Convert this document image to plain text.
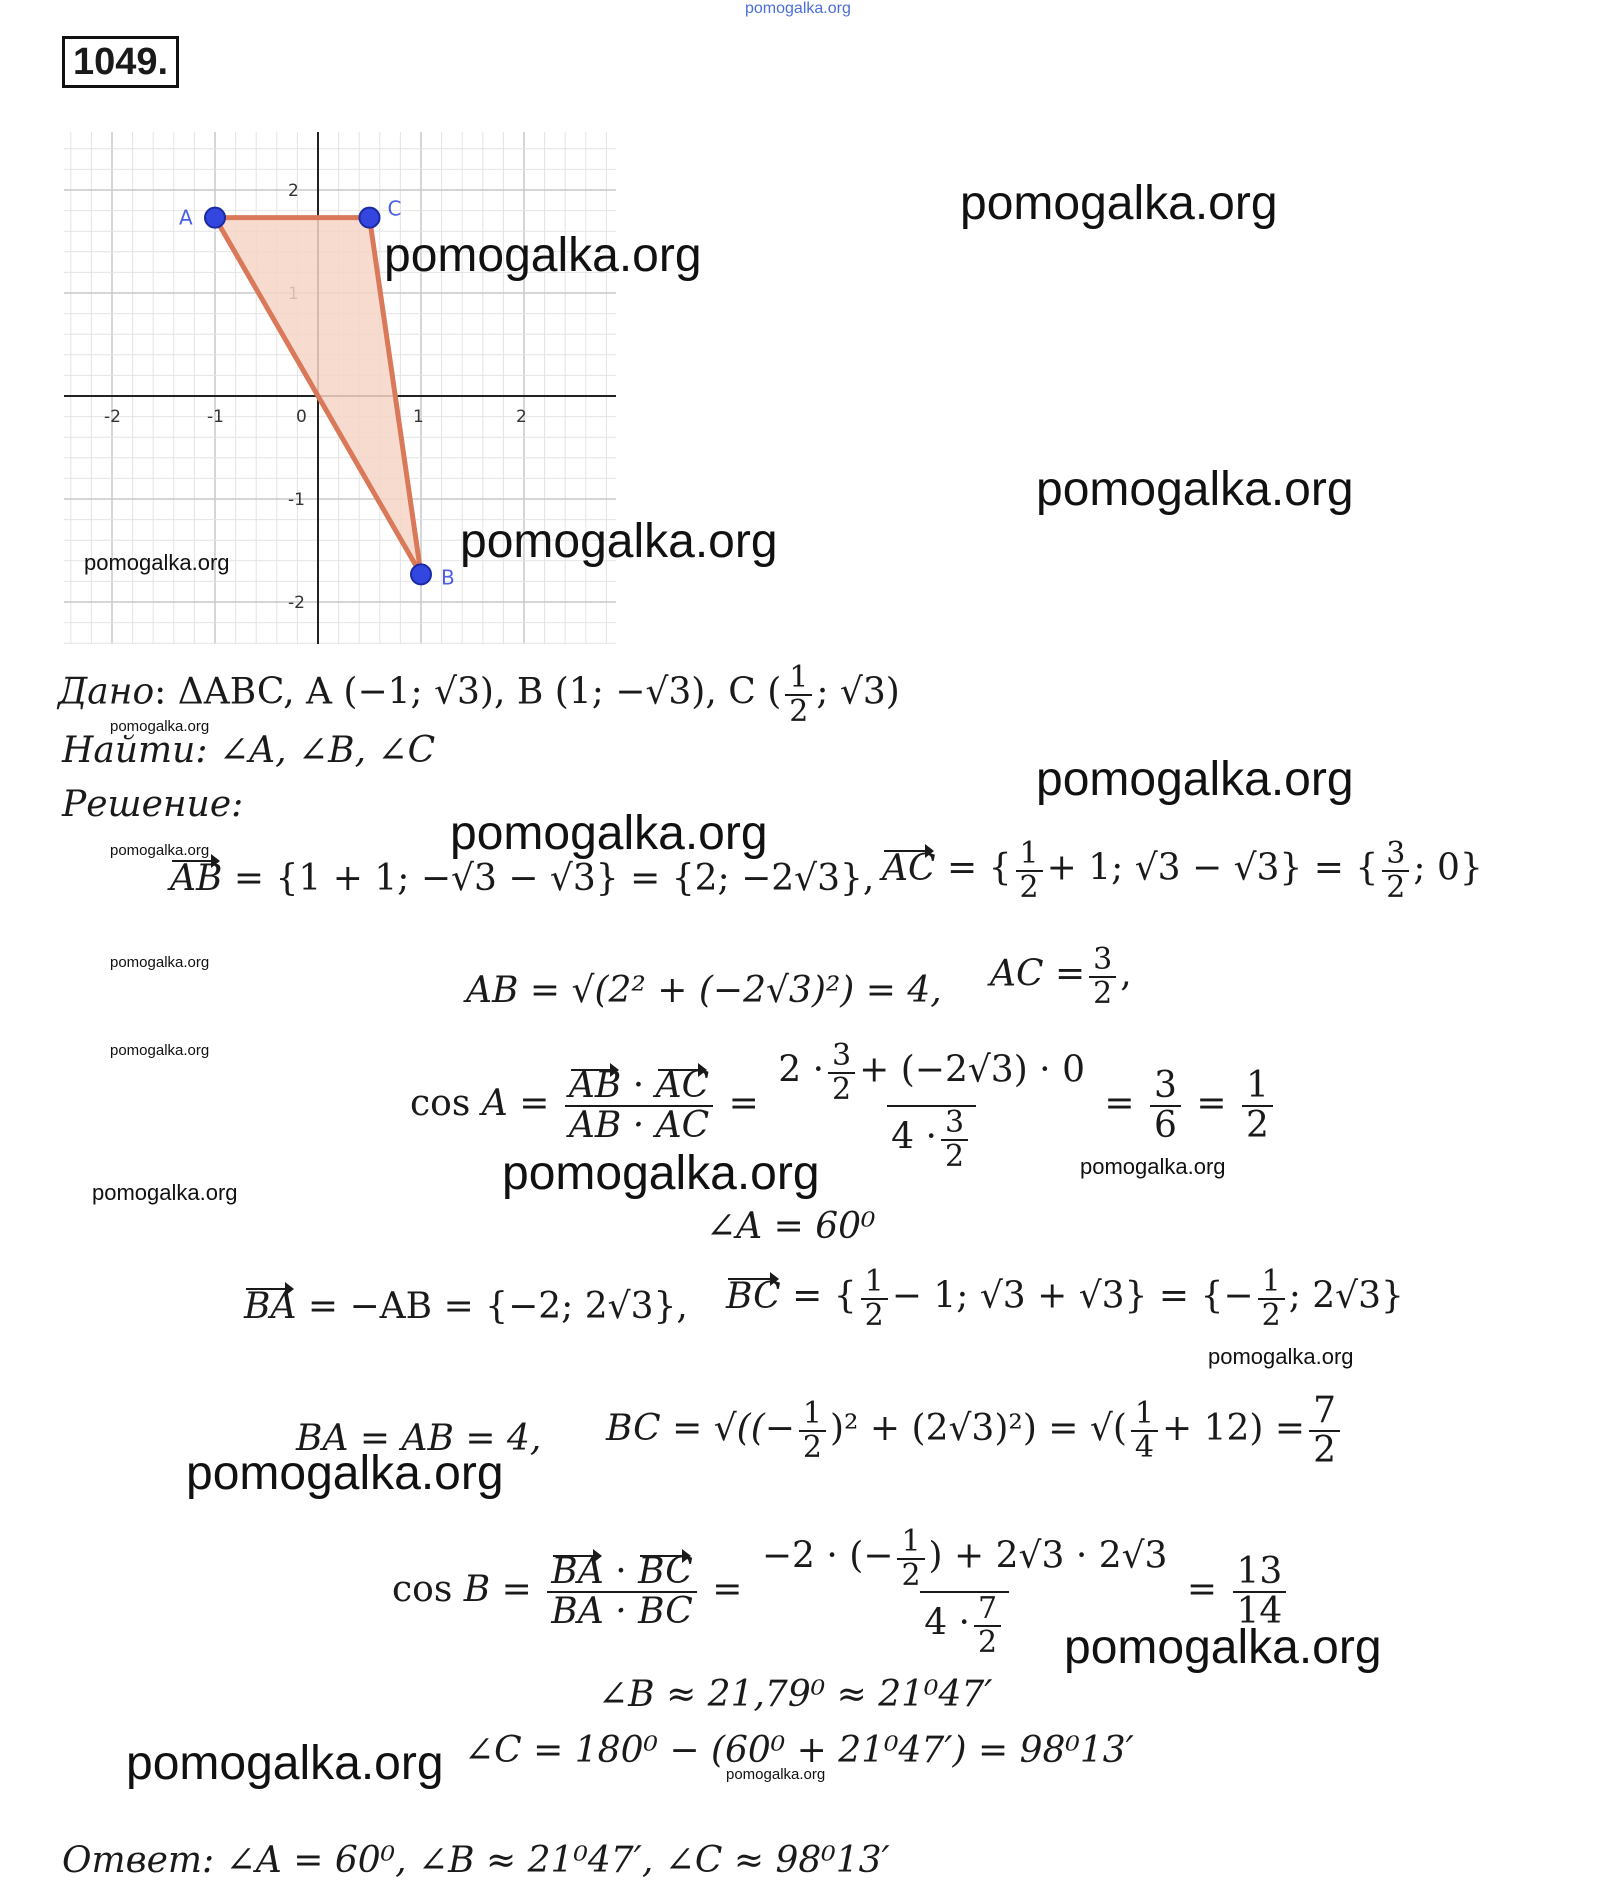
pomogalka.org
1049.
-2	-1	0	1	2
2
-1
-2
A	C
B
pomogalka.org
pomogalka.org
pomogalka.org
pomogalka.org
pomogalka.org
Дано: ΔABC, A (−1; √3), B (1; −√3), C ( $\frac{1}{2}$ ; √3)
pomogalka.org
Найти: ∠A, ∠B, ∠C
Решение:	pomogalka.org
pomogalka.org
pomogalka.org
AB = {1 + 1; −√3 − √3} = {2; −2√3}, AC = { $\frac{1}{2} + 1$; √3 − √3} = { $\frac{3}{2}$ ; 0}
pomogalka.org
AB = √(2² + (−2√3)²) = 4, AC = $\frac{3}{2}$ ,
pomogalka.org
$\cos A = \frac{AB \cdot AC}{AB \cdot AC} = \frac{2 \cdot \frac{3}{2} + (-2√3) \cdot 0}{4 \cdot \frac{3}{2}} = \frac{3}{6} = \frac{1}{2}$
pomogalka.org	pomogalka.org
pomogalka.org
∠A = 60⁰
BA = −AB = {−2; 2√3}, BC = { $\frac{1}{2} - 1$; √3 + √3} = {− $\frac{1}{2}$ ; 2√3}
pomogalka.org
BA = AB = 4, BC = √((− $\frac{1}{2} )^2 + (2√3)^2$) = √( $\frac{1}{4} + 12) = \frac{7}{2}$
pomogalka.org
$\cos B = \frac{BA \cdot BC}{BA \cdot BC} = \frac{-2 \cdot (- \frac{1}{2} ) + 2√3 \cdot 2√3}{4 \cdot \frac{7}{2}} = \frac{13}{14}$
pomogalka.org
∠B ≈ 21,79⁰ ≈ 21⁰47′
pomogalka.org ∠C = 180⁰ − (60⁰ + 21⁰47′) = 98⁰13′
pomogalka.org
Ответ: ∠A = 60⁰, ∠B ≈ 21⁰47′, ∠C ≈ 98⁰13′
